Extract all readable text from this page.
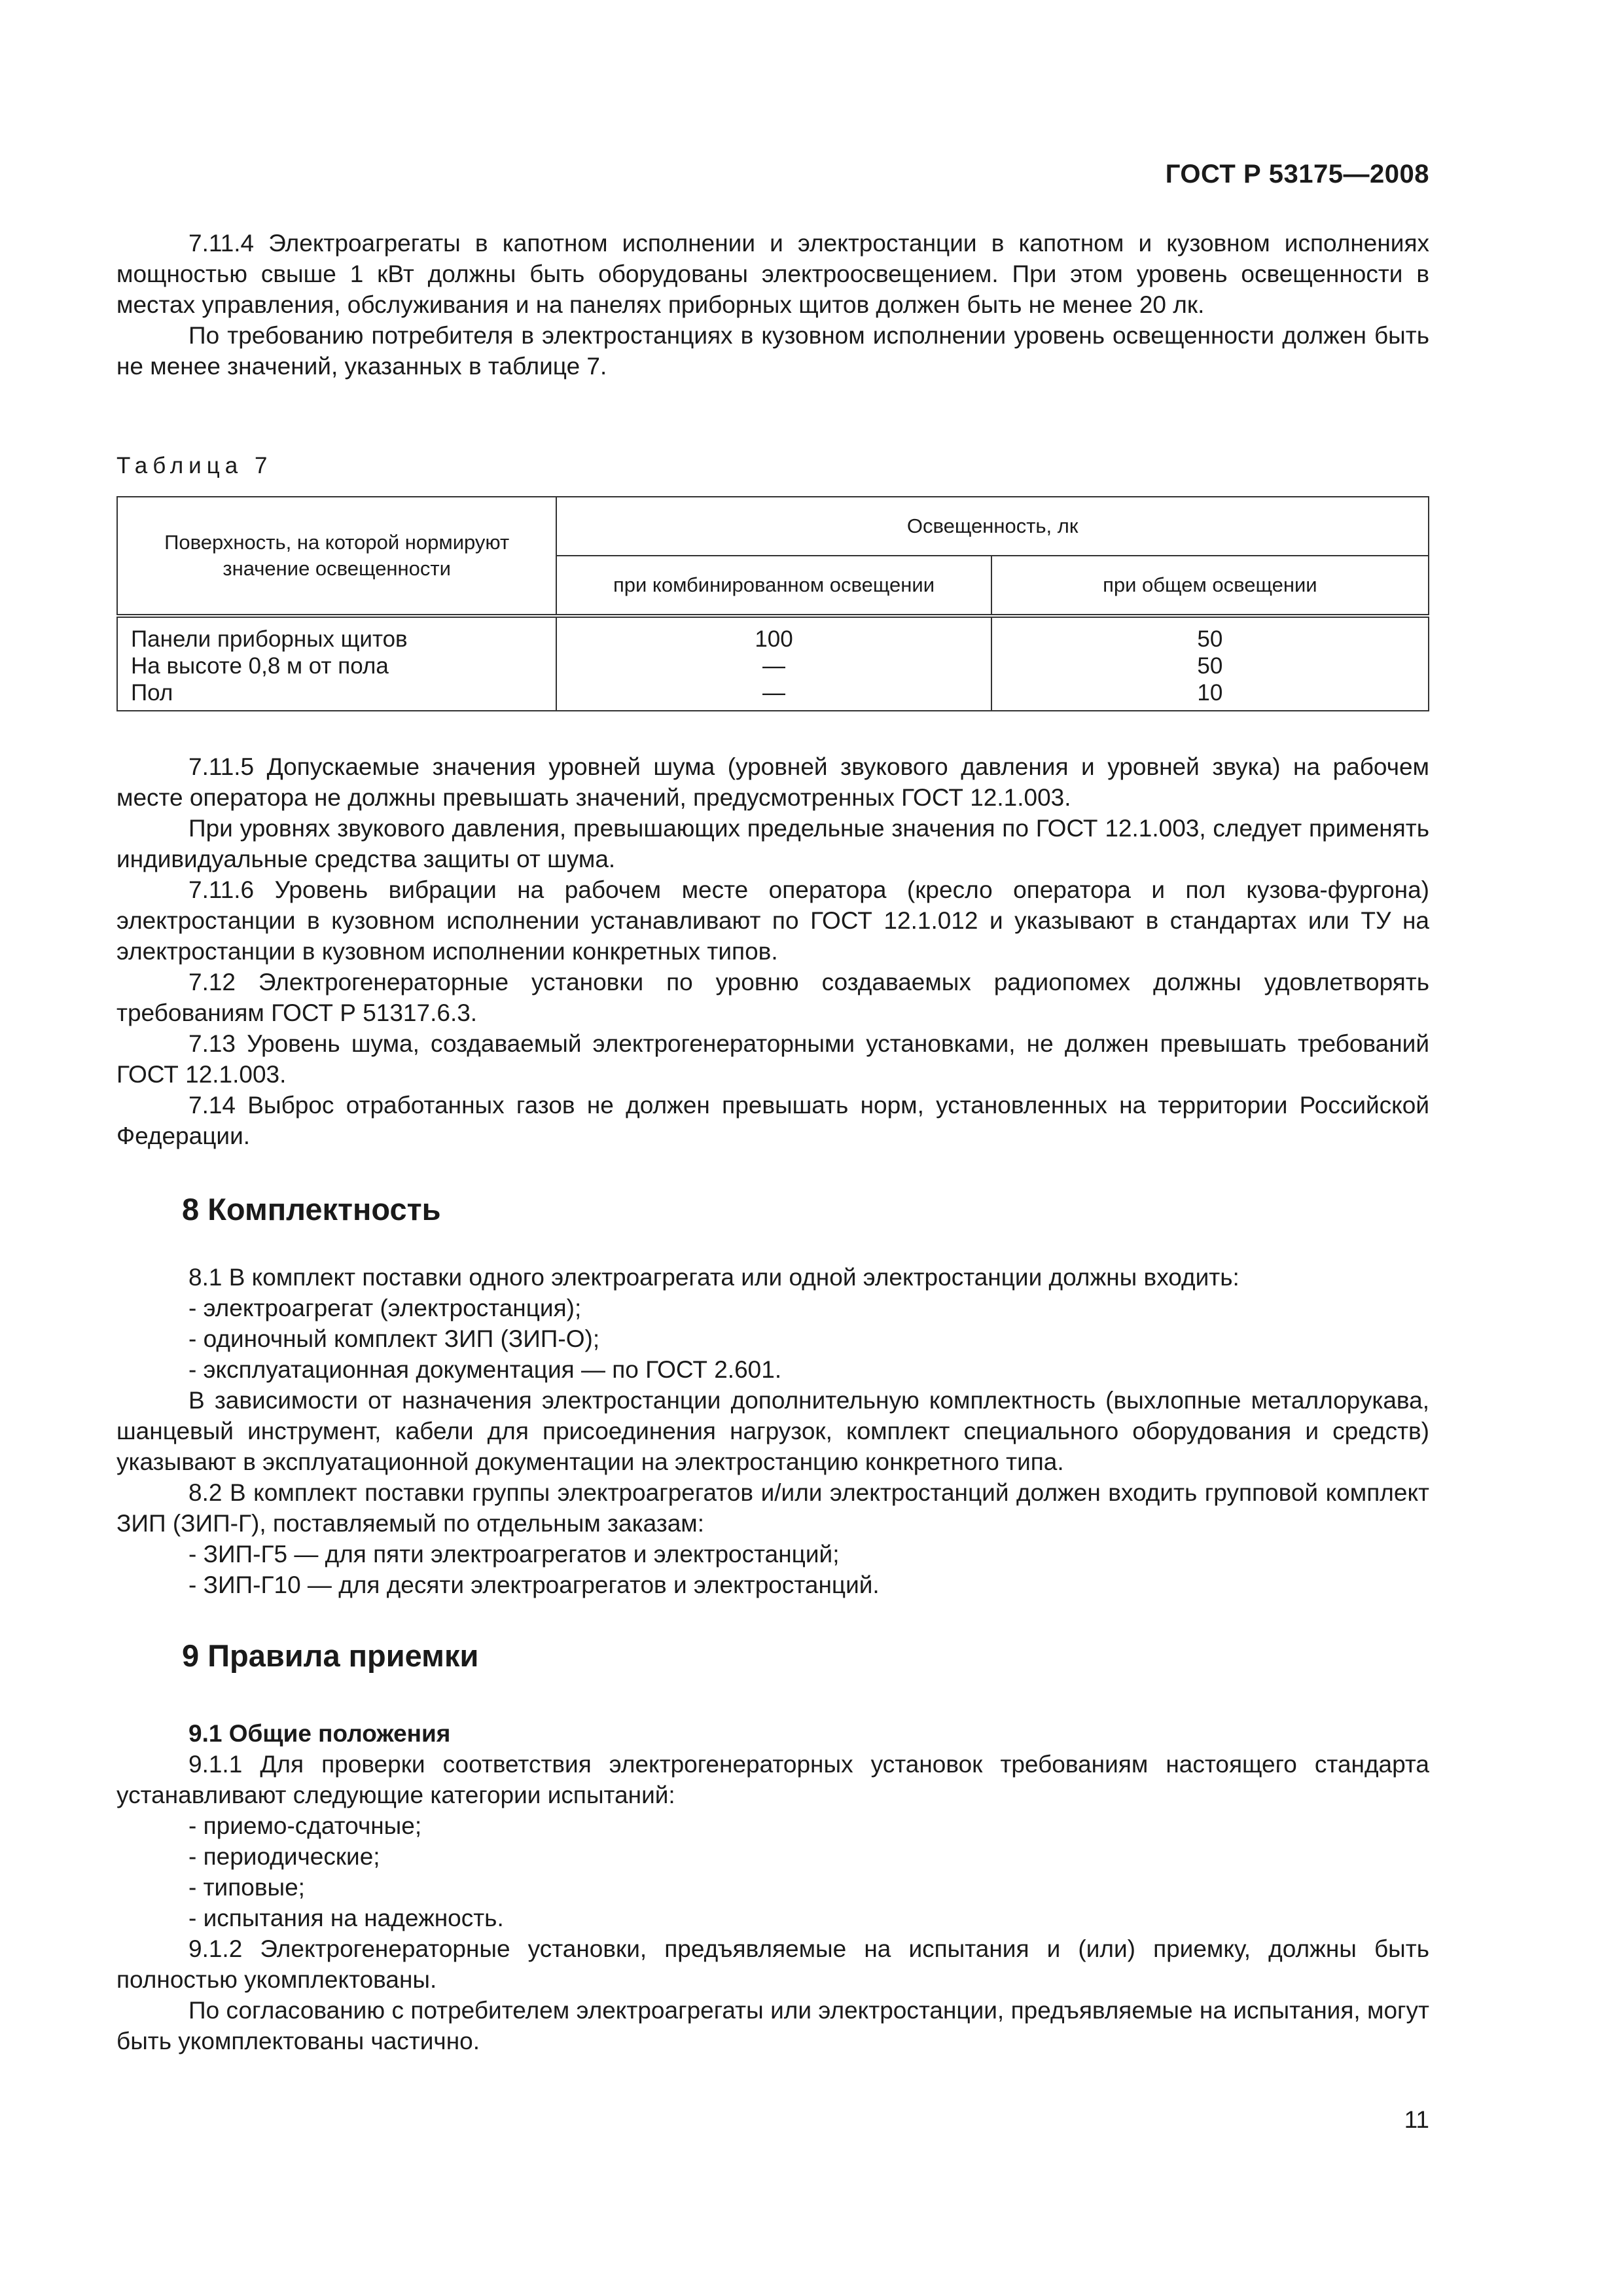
ГОСТ Р 53175—2008

7.11.4 Электроагрегаты в капотном исполнении и электростанции в капотном и кузовном исполнениях мощностью свыше 1 кВт должны быть оборудованы электроосвещением. При этом уровень освещенности в местах управления, обслуживания и на панелях приборных щитов должен быть не менее 20 лк.

По требованию потребителя в электростанциях в кузовном исполнении уровень освещенности должен быть не менее значений, указанных в таблице 7.

Таблица 7
Поверхность, на которой нормируют значение освещенности	Освещенность, лк	
	при комбинированном освещении	при общем освещении
Панели приборных щитов	100	50
На высоте 0,8 м от пола	—	50
Пол	—	10

7.11.5 Допускаемые значения уровней шума (уровней звукового давления и уровней звука) на рабочем месте оператора не должны превышать значений, предусмотренных ГОСТ 12.1.003.

При уровнях звукового давления, превышающих предельные значения по ГОСТ 12.1.003, следует применять индивидуальные средства защиты от шума.

7.11.6 Уровень вибрации на рабочем месте оператора (кресло оператора и пол кузова-фургона) электростанции в кузовном исполнении устанавливают по ГОСТ 12.1.012 и указывают в стандартах или ТУ на электростанции в кузовном исполнении конкретных типов.

7.12 Электрогенераторные установки по уровню создаваемых радиопомех должны удовлетворять требованиям ГОСТ Р 51317.6.3.

7.13 Уровень шума, создаваемый электрогенераторными установками, не должен превышать требований ГОСТ 12.1.003.

7.14 Выброс отработанных газов не должен превышать норм, установленных на территории Российской Федерации.

8 Комплектность

8.1 В комплект поставки одного электроагрегата или одной электростанции должны входить:

- электроагрегат (электростанция);

- одиночный комплект ЗИП (ЗИП-О);

- эксплуатационная документация — по ГОСТ 2.601.

В зависимости от назначения электростанции дополнительную комплектность (выхлопные металлорукава, шанцевый инструмент, кабели для присоединения нагрузок, комплект специального оборудования и средств) указывают в эксплуатационной документации на электростанцию конкретного типа.

8.2 В комплект поставки группы электроагрегатов и/или электростанций должен входить групповой комплект ЗИП (ЗИП-Г), поставляемый по отдельным заказам:

- ЗИП-Г5 — для пяти электроагрегатов и электростанций;

- ЗИП-Г10 — для десяти электроагрегатов и электростанций.

9 Правила приемки
9.1 Общие положения

9.1.1 Для проверки соответствия электрогенераторных установок требованиям настоящего стандарта устанавливают следующие категории испытаний:

- приемо-сдаточные;

- периодические;

- типовые;

- испытания на надежность.

9.1.2 Электрогенераторные установки, предъявляемые на испытания и (или) приемку, должны быть полностью укомплектованы.

По согласованию с потребителем электроагрегаты или электростанции, предъявляемые на испытания, могут быть укомплектованы частично.

11
